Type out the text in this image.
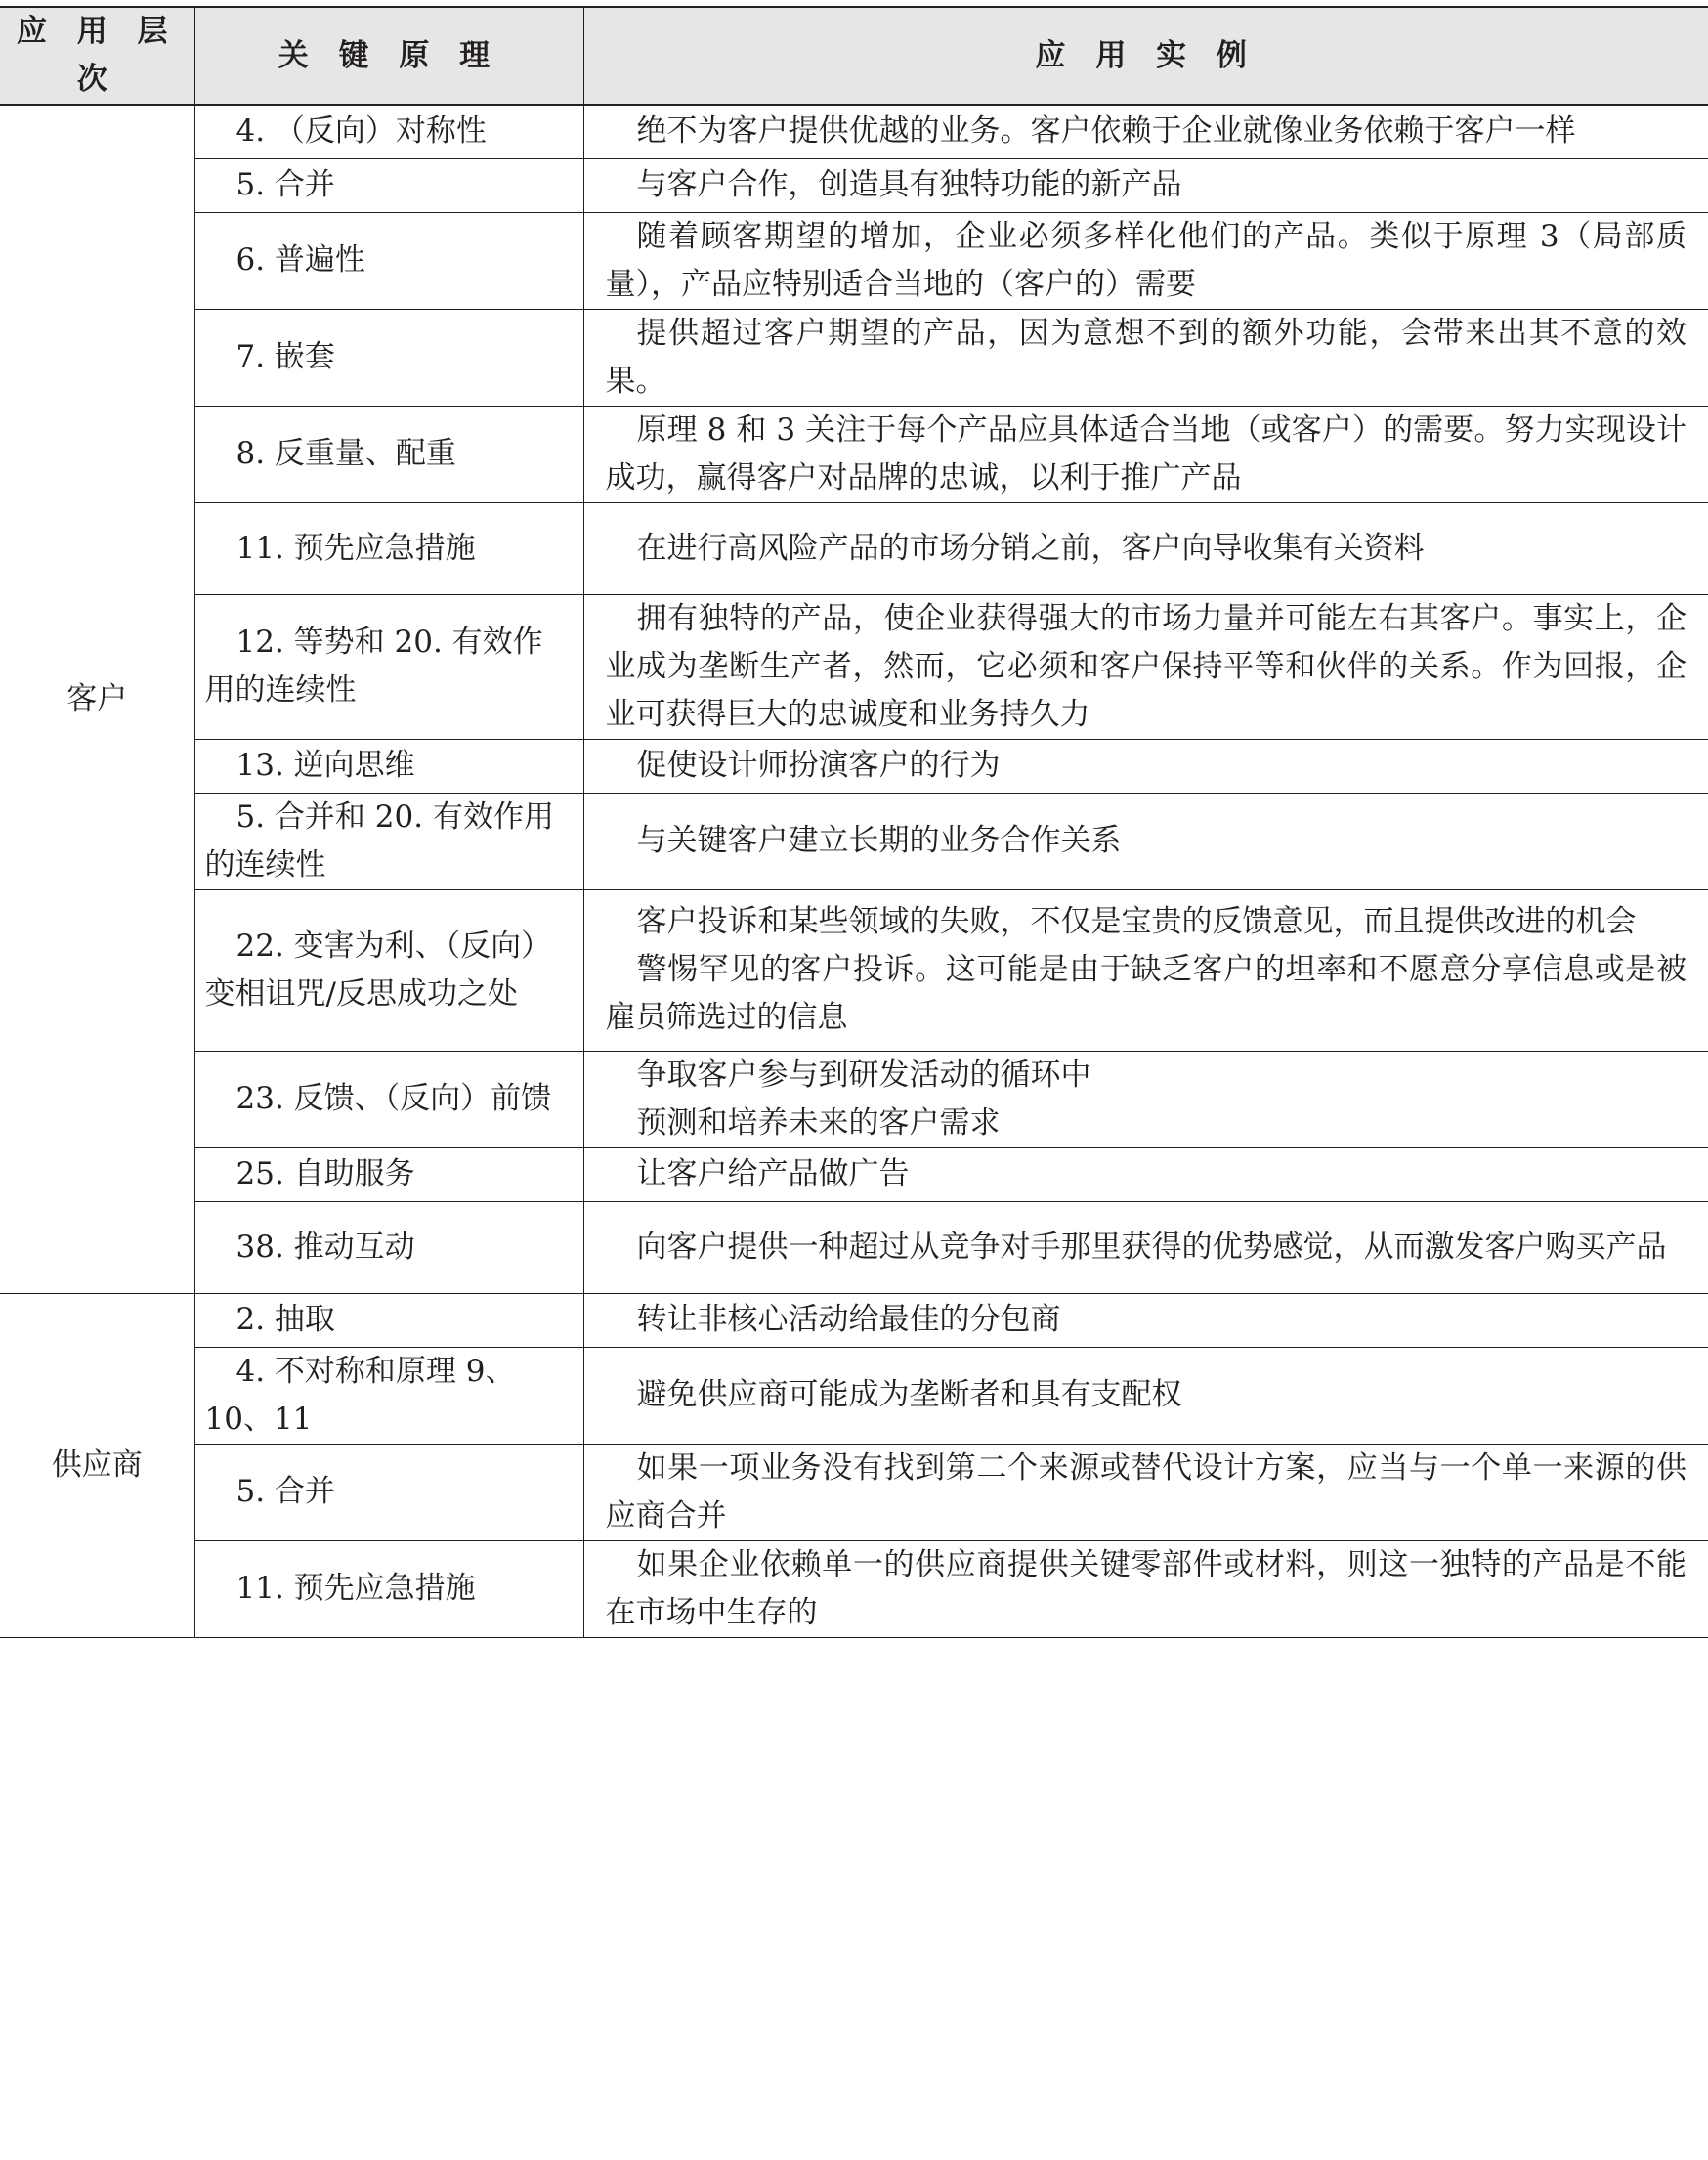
应 用 层 次	关 键 原 理	应 用 实 例
客户	4. （反向）对称性	绝不为客户提供优越的业务。客户依赖于企业就像业务依赖于客户一样

	5. 合并	与客户合作，创造具有独特功能的新产品

	6. 普遍性	随着顾客期望的增加，企业必须多样化他们的产品。类似于原理 3（局部质量），产品应特别适合当地的（客户的）需要

	7. 嵌套	提供超过客户期望的产品，因为意想不到的额外功能，会带来出其不意的效果。

	8. 反重量、配重	原理 8 和 3 关注于每个产品应具体适合当地（或客户）的需要。努力实现设计成功，赢得客户对品牌的忠诚，以利于推广产品

	11. 预先应急措施	在进行高风险产品的市场分销之前，客户向导收集有关资料

	12. 等势和 20. 有效作用的连续性	拥有独特的产品，使企业获得强大的市场力量并可能左右其客户。事实上，企业成为垄断生产者，然而，它必须和客户保持平等和伙伴的关系。作为回报，企业可获得巨大的忠诚度和业务持久力

	13. 逆向思维	促使设计师扮演客户的行为

	5. 合并和 20. 有效作用的连续性	与关键客户建立长期的业务合作关系

	22. 变害为利、（反向）变相诅咒/反思成功之处	客户投诉和某些领域的失败，不仅是宝贵的反馈意见，而且提供改进的机会
警惕罕见的客户投诉。这可能是由于缺乏客户的坦率和不愿意分享信息或是被雇员筛选过的信息

	23. 反馈、（反向）前馈	争取客户参与到研发活动的循环中
预测和培养未来的客户需求

	25. 自助服务	让客户给产品做广告

	38. 推动互动	向客户提供一种超过从竞争对手那里获得的优势感觉，从而激发客户购买产品

供应商	2. 抽取	转让非核心活动给最佳的分包商

	4. 不对称和原理 9、10、11	避免供应商可能成为垄断者和具有支配权

	5. 合并	如果一项业务没有找到第二个来源或替代设计方案，应当与一个单一来源的供应商合并

	11. 预先应急措施	如果企业依赖单一的供应商提供关键零部件或材料，则这一独特的产品是不能在市场中生存的
